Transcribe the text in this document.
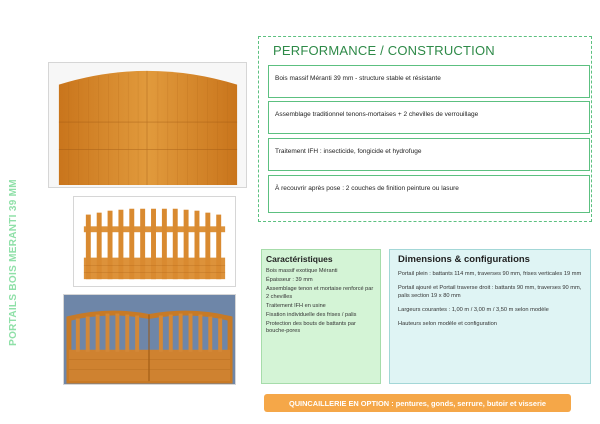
PORTAILS BOIS MERANTI 39 MM
PERFORMANCE / CONSTRUCTION
Bois massif Méranti 39 mm - structure stable et résistante
Assemblage traditionnel tenons-mortaises + 2 chevilles de verrouillage
Traitement IFH : insecticide, fongicide et hydrofuge
À recouvrir après pose : 2 couches de finition peinture ou lasure
Caractéristiques
Bois massif exotique Méranti
Épaisseur : 39 mm
Assemblage tenon et mortaise renforcé par 2 chevilles
Traitement IFH en usine
Fixation individuelle des frises / palis
Protection des bouts de battants par bouche-pores
Dimensions & configurations

Portail plein : battants 114 mm, traverses 90 mm, frises verticales 19 mm

Portail ajouré et Portail traverse droit : battants 90 mm, traverses 90 mm, palis section 19 x 80 mm

Largeurs courantes : 1,00 m / 3,00 m / 3,50 m selon modèle

Hauteurs selon modèle et configuration

QUINCAILLERIE EN OPTION : pentures, gonds, serrure, butoir et visserie
